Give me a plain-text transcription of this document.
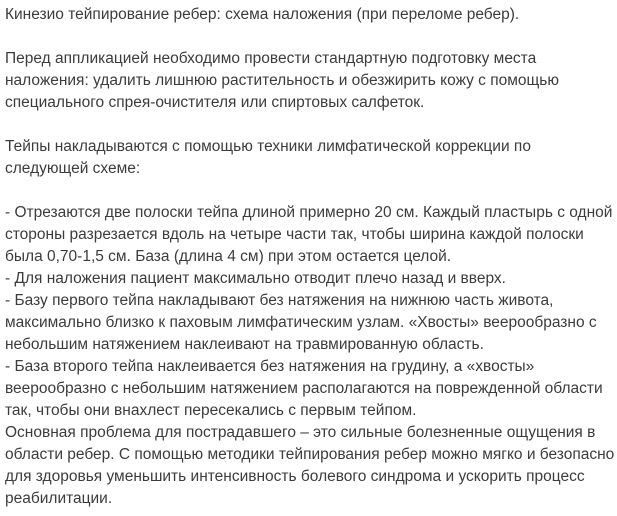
Кинезио тейпирование ребер: схема наложения (при переломе ребер).
Перед аппликацией необходимо провести стандартную подготовку места
наложения: удалить лишнюю растительность и обезжирить кожу с помощью
специального спрея-очистителя или спиртовых салфеток.
Тейпы накладываются с помощью техники лимфатической коррекции по
следующей схеме:
- Отрезаются две полоски тейпа длиной примерно 20 см. Каждый пластырь с одной
стороны разрезается вдоль на четыре части так, чтобы ширина каждой полоски
была 0,70-1,5 см. База (длина 4 см) при этом остается целой.
- Для наложения пациент максимально отводит плечо назад и вверх.
- Базу первого тейпа накладывают без натяжения на нижнюю часть живота,
максимально близко к паховым лимфатическим узлам. «Хвосты» веерообразно с
небольшим натяжением наклеивают на травмированную область.
- База второго тейпа наклеивается без натяжения на грудину, а «хвосты»
веерообразно с небольшим натяжением располагаются на поврежденной области
так, чтобы они внахлест пересекались с первым тейпом.
Основная проблема для пострадавшего – это сильные болезненные ощущения в
области ребер. С помощью методики тейпирования ребер можно мягко и безопасно
для здоровья уменьшить интенсивность болевого синдрома и ускорить процесс
реабилитации.
